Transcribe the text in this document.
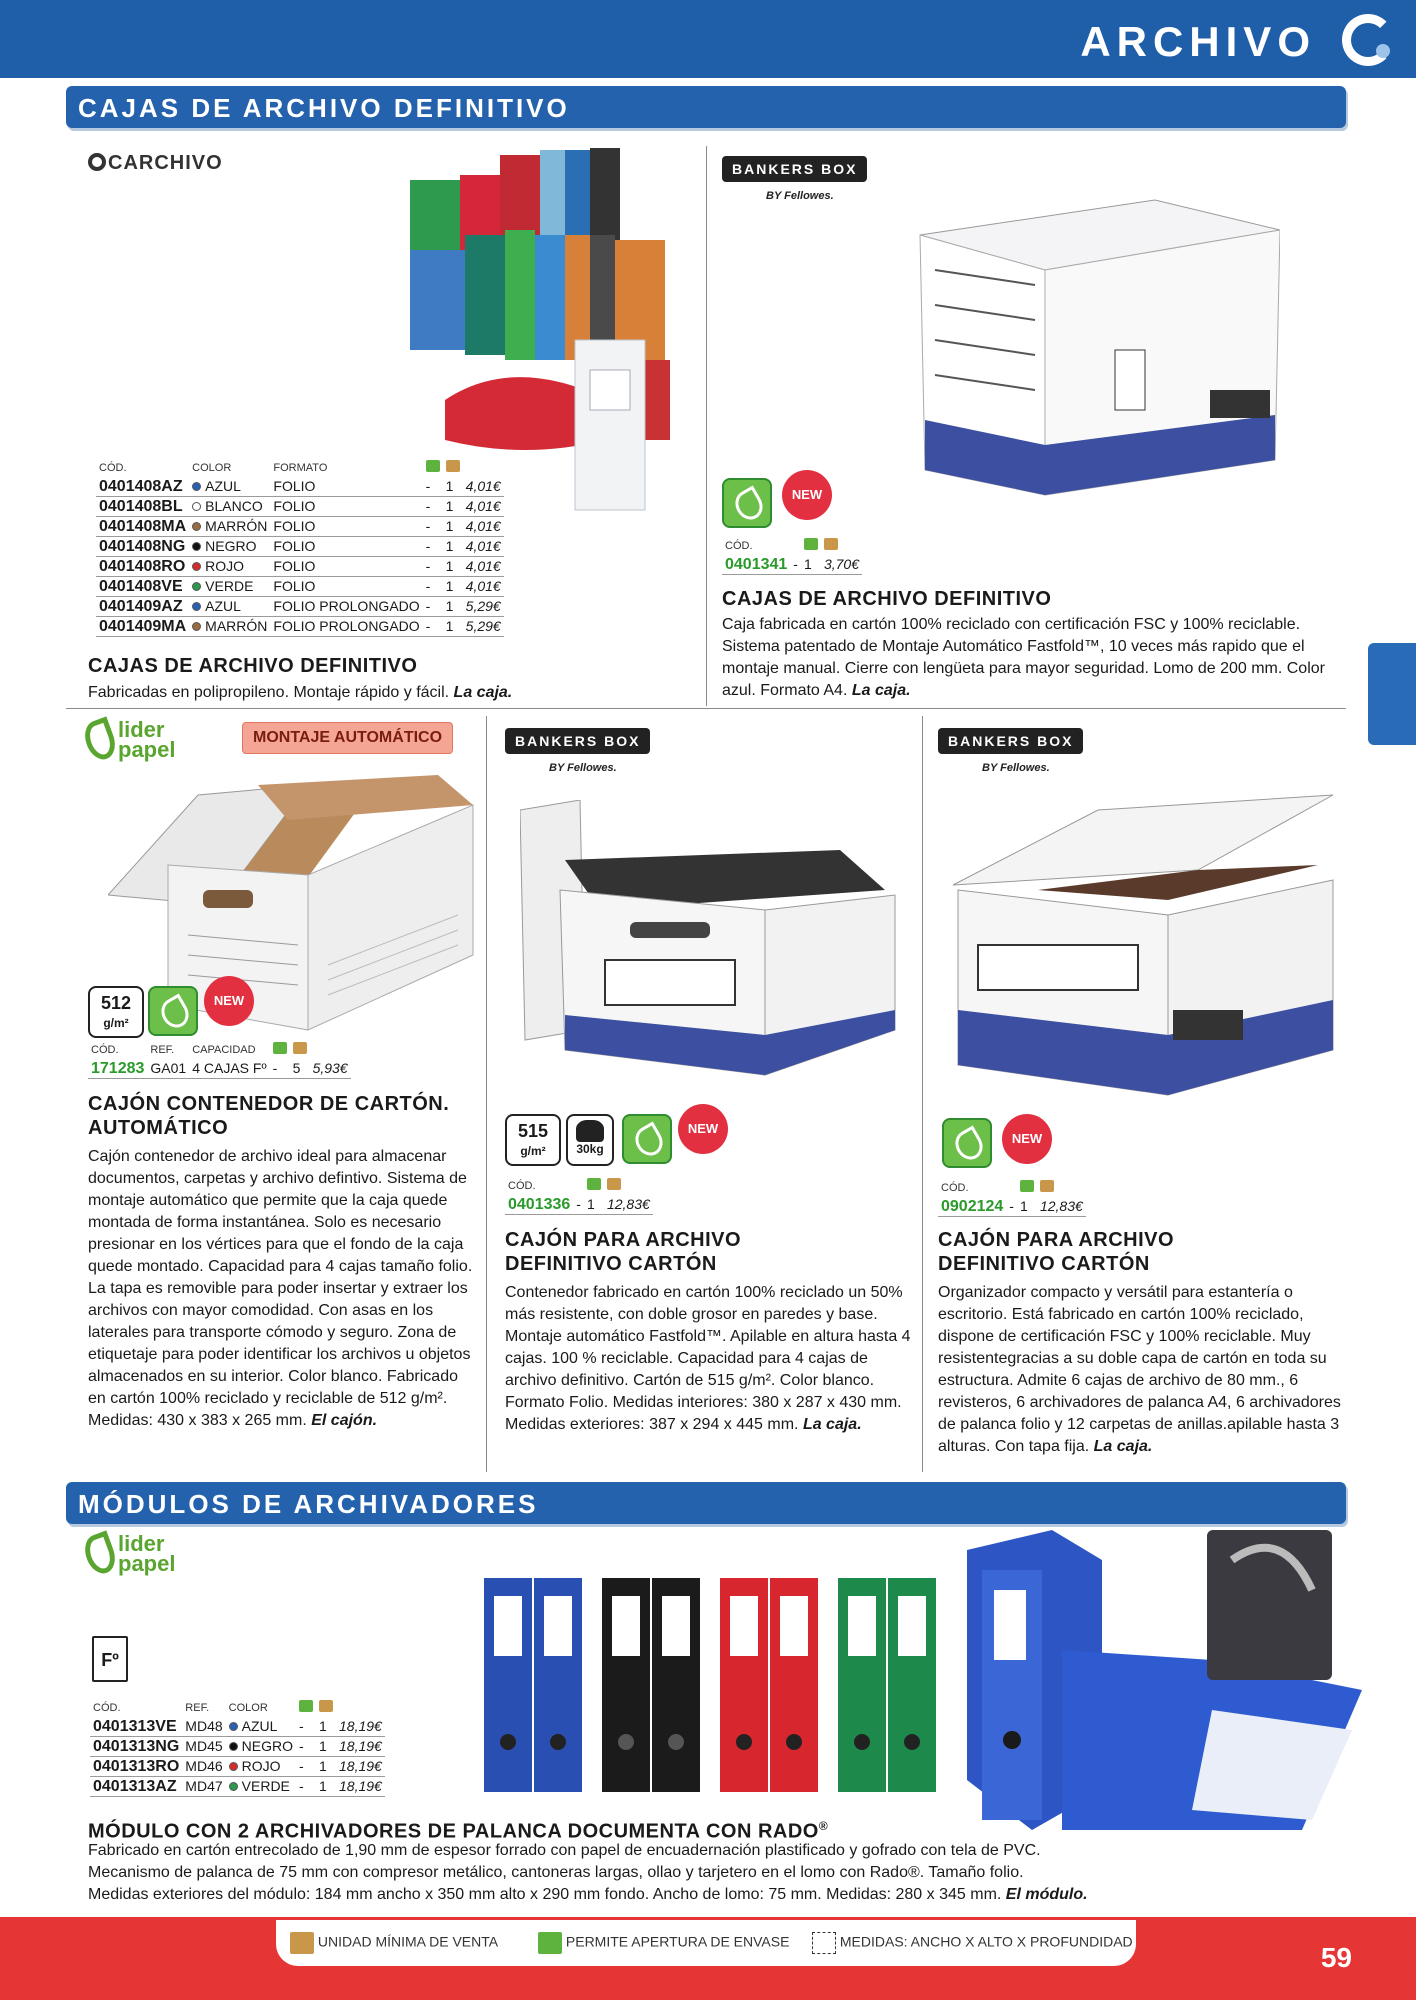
ARCHIVO
CAJAS DE ARCHIVO DEFINITIVO
CARCHIVO
CÓD.	COLOR	FORMATO			
0401408AZ	AZUL	FOLIO	-	1	4,01€
0401408BL	BLANCO	FOLIO	-	1	4,01€
0401408MA	MARRÓN	FOLIO	-	1	4,01€
0401408NG	NEGRO	FOLIO	-	1	4,01€
0401408RO	ROJO	FOLIO	-	1	4,01€
0401408VE	VERDE	FOLIO	-	1	4,01€
0401409AZ	AZUL	FOLIO PROLONGADO	-	1	5,29€
0401409MA	MARRÓN	FOLIO PROLONGADO	-	1	5,29€
CAJAS DE ARCHIVO DEFINITIVO
Fabricadas en polipropileno. Montaje rápido y fácil. La caja.
BANKERS BOX
BY Fellowes.
NEW
CÓD.			
0401341	-	1	3,70€
CAJAS DE ARCHIVO DEFINITIVO
Caja fabricada en cartón 100% reciclado con certificación FSC y 100% reciclable. Sistema patentado de Montaje Automático Fastfold™, 10 veces más rapido que el montaje manual. Cierre con lengüeta para mayor seguridad. Lomo de 200 mm. Color azul. Formato A4. La caja.
lider
papel	MONTAJE AUTOMÁTICO
512
g/m²
NEW
CÓD.	REF.	CAPACIDAD			
171283	GA01	4 CAJAS Fº	-	5	5,93€
CAJÓN CONTENEDOR DE CARTÓN.
AUTOMÁTICO
Cajón contenedor de archivo ideal para almacenar documentos, carpetas y archivo defintivo. Sistema de montaje automático que permite que la caja quede montada de forma instantánea. Solo es necesario presionar en los vértices para que el fondo de la caja quede montado. Capacidad para 4 cajas tamaño folio. La tapa es removible para poder insertar y extraer los archivos con mayor comodidad. Con asas en los laterales para transporte cómodo y seguro. Zona de etiquetaje para poder identificar los archivos u objetos almacenados en su interior. Color blanco. Fabricado en cartón 100% reciclado y reciclable de 512 g/m². Medidas: 430 x 383 x 265 mm. El cajón.
BANKERS BOX
BY Fellowes.
515
g/m²	30kg
NEW
CÓD.			
0401336	-	1	12,83€
CAJÓN PARA ARCHIVO
DEFINITIVO CARTÓN
Contenedor fabricado en cartón 100% reciclado un 50% más resistente, con doble grosor en paredes y base. Montaje automático Fastfold™. Apilable en altura hasta 4 cajas. 100 % reciclable. Capacidad para 4 cajas de archivo definitivo. Cartón de 515 g/m². Color blanco. Formato Folio. Medidas interiores: 380 x 287 x 430 mm. Medidas exteriores: 387 x 294 x 445 mm. La caja.
BANKERS BOX
BY Fellowes.
NEW
CÓD.			
0902124	-	1	12,83€
CAJÓN PARA ARCHIVO
DEFINITIVO CARTÓN
Organizador compacto y versátil para estantería o escritorio. Está fabricado en cartón 100% reciclado, dispone de certificación FSC y 100% reciclable. Muy resistentegracias a su doble capa de cartón en toda su estructura. Admite 6 cajas de archivo de 80 mm., 6 revisteros, 6 archivadores de palanca A4, 6 archivadores de palanca folio y 12 carpetas de anillas.apilable hasta 3 alturas. Con tapa fija. La caja.
MÓDULOS DE ARCHIVADORES
lider
papel
Fº
CÓD.	REF.	COLOR			
0401313VE	MD48	AZUL	-	1	18,19€
0401313NG	MD45	NEGRO	-	1	18,19€
0401313RO	MD46	ROJO	-	1	18,19€
0401313AZ	MD47	VERDE	-	1	18,19€
MÓDULO CON 2 ARCHIVADORES DE PALANCA DOCUMENTA CON RADO®
Fabricado en cartón entrecolado de 1,90 mm de espesor forrado con papel de encuadernación plastificado y gofrado con tela de PVC.
Mecanismo de palanca de 75 mm con compresor metálico, cantoneras largas, ollao y tarjetero en el lomo con Rado®. Tamaño folio.
Medidas exteriores del módulo: 184 mm ancho x 350 mm alto x 290 mm fondo. Ancho de lomo: 75 mm. Medidas: 280 x 345 mm. El módulo.
UNIDAD MÍNIMA DE VENTA	PERMITE APERTURA DE ENVASE	MEDIDAS: ANCHO X ALTO X PROFUNDIDAD
59
